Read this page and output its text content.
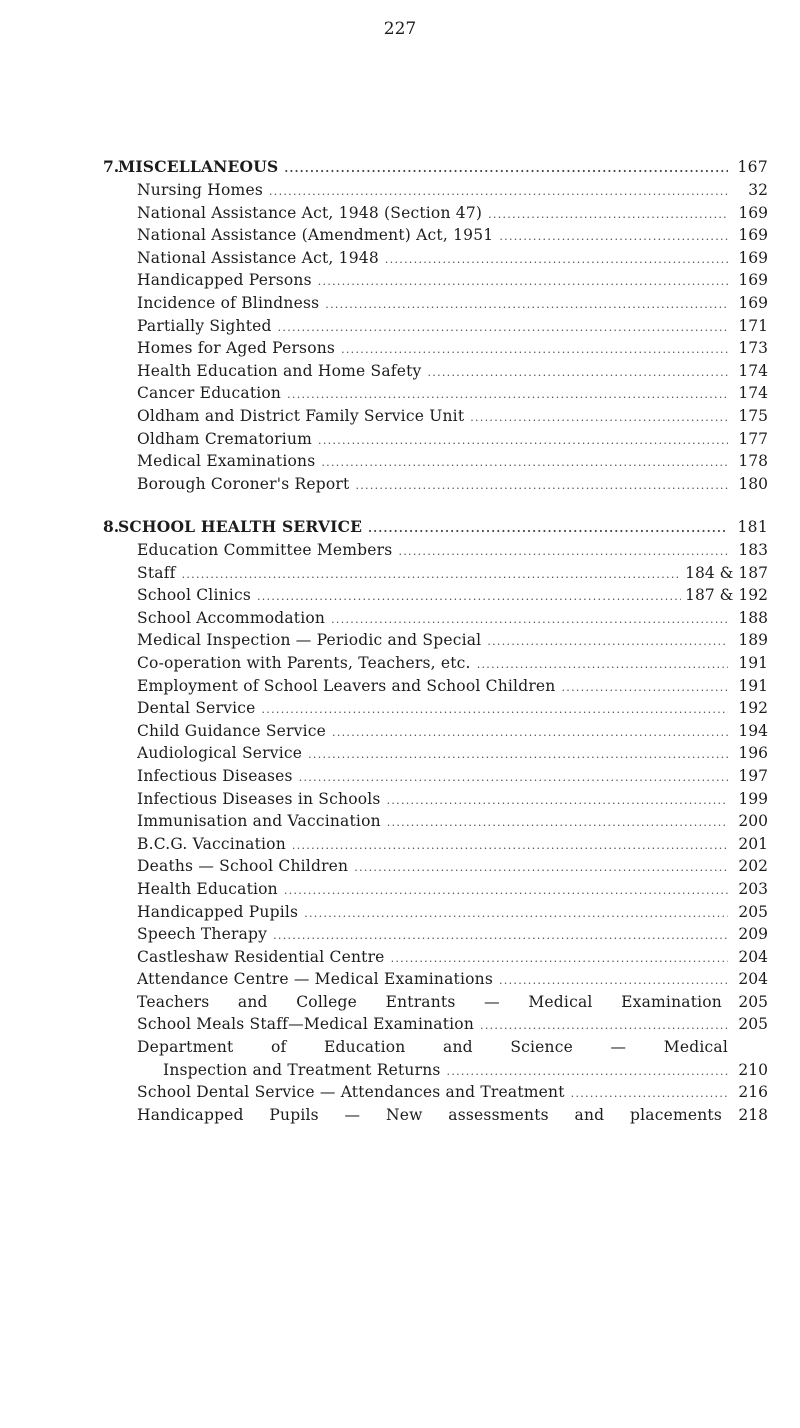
227
7.
MISCELLANEOUS .....	167
Nursing Homes .....	32
National Assistance Act, 1948 (Section 47) .....	169
National Assistance (Amendment) Act, 1951 .....	169
National Assistance Act, 1948 .....	169
Handicapped Persons .....	169
Incidence of Blindness .....	169
Partially Sighted .....	171
Homes for Aged Persons .....	173
Health Education and Home Safety .....	174
Cancer Education .....	174
Oldham and District Family Service Unit .....	175
Oldham Crematorium .....	177
Medical Examinations .....	178
Borough Coroner's Report .....	180
8.
SCHOOL HEALTH SERVICE .....	181
Education Committee Members .....	183
Staff .....	184 & 187
School Clinics .....	187 & 192
School Accommodation .....	188
Medical Inspection — Periodic and Special .....	189
Co-operation with Parents, Teachers, etc. .....	191
Employment of School Leavers and School Children .....	191
Dental Service .....	192
Child Guidance Service .....	194
Audiological Service .....	196
Infectious Diseases .....	197
Infectious Diseases in Schools .....	199
Immunisation and Vaccination .....	200
B.C.G. Vaccination .....	201
Deaths — School Children .....	202
Health Education .....	203
Handicapped Pupils .....	205
Speech Therapy .....	209
Castleshaw Residential Centre .....	204
Attendance Centre — Medical Examinations .....	204
Teachers and College Entrants — Medical Examination	205
School Meals Staff—Medical Examination .....	205
Department of Education and Science — Medical
Inspection and Treatment Returns .....	210
School Dental Service — Attendances and Treatment .....	216
Handicapped Pupils — New assessments and placements	218
